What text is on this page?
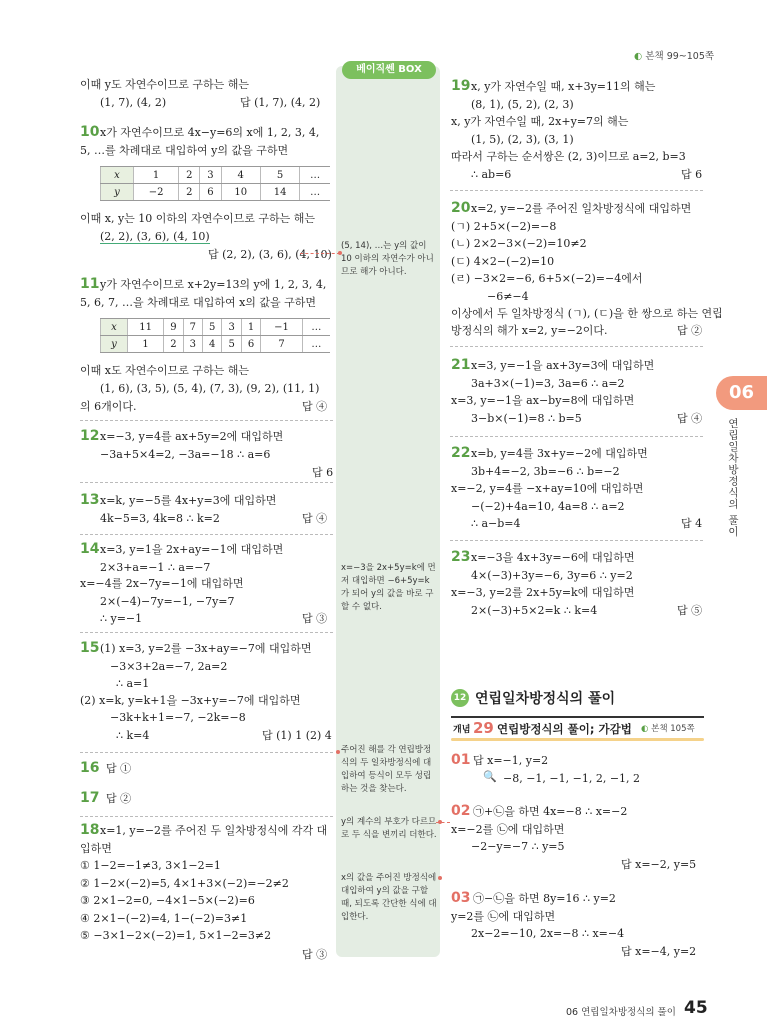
◐ 본책 99~105쪽
베이직쎈 BOX
이때 y도 자연수이므로 구하는 해는
(1, 7), (4, 2)	답 (1, 7), (4, 2)
10 x가 자연수이므로 4x−y=6의 x에 1, 2, 3, 4,
5, …를 차례대로 대입하여 y의 값을 구하면
x	1	2	3	4	5	…
y	−2	2	6	10	14	…
이때 x, y는 10 이하의 자연수이므로 구하는 해는
(2, 2), (3, 6), (4, 10)
답 (2, 2), (3, 6), (4, 10)
11 y가 자연수이므로 x+2y=13의 y에 1, 2, 3, 4,
5, 6, 7, …을 차례대로 대입하여 x의 값을 구하면
x	11	9	7	5	3	1	−1	…
y	1	2	3	4	5	6	7	…
이때 x도 자연수이므로 구하는 해는
(1, 6), (3, 5), (5, 4), (7, 3), (9, 2), (11, 1)
의 6개이다.	답 ④
12 x=−3, y=4를 ax+5y=2에 대입하면
−3a+5×4=2, −3a=−18 ∴ a=6
답 6
13 x=k, y=−5를 4x+y=3에 대입하면
4k−5=3, 4k=8 ∴ k=2	답 ④
14 x=3, y=1을 2x+ay=−1에 대입하면
2×3+a=−1 ∴ a=−7
x=−4를 2x−7y=−1에 대입하면
2×(−4)−7y=−1, −7y=7
∴ y=−1	답 ③
15 (1) x=3, y=2를 −3x+ay=−7에 대입하면
−3×3+2a=−7, 2a=2
∴ a=1
(2) x=k, y=k+1을 −3x+y=−7에 대입하면
−3k+k+1=−7, −2k=−8
∴ k=4	답 (1) 1 (2) 4
16 답 ①
17 답 ②
18 x=1, y=−2를 주어진 두 일차방정식에 각각 대
입하면
① 1−2=−1≠3, 3×1−2=1
② 1−2×(−2)=5, 4×1+3×(−2)=−2≠2
③ 2×1−2=0, −4×1−5×(−2)=6
④ 2×1−(−2)=4, 1−(−2)=3≠1
⑤ −3×1−2×(−2)=1, 5×1−2=3≠2
답 ③
(5, 14), …는 y의 값이 10 이하의 자연수가 아니므로 해가 아니다.
x=−3을 2x+5y=k에 먼저 대입하면 −6+5y=k가 되어 y의 값을 바로 구할 수 없다.
주어진 해를 각 연립방정식의 두 일차방정식에 대입하여 등식이 모두 성립하는 것을 찾는다.
y의 계수의 부호가 다르므로 두 식을 변끼리 더한다.
x의 값을 주어진 방정식에 대입하여 y의 값을 구할 때, 되도록 간단한 식에 대입한다.
19 x, y가 자연수일 때, x+3y=11의 해는
(8, 1), (5, 2), (2, 3)
x, y가 자연수일 때, 2x+y=7의 해는
(1, 5), (2, 3), (3, 1)
따라서 구하는 순서쌍은 (2, 3)이므로 a=2, b=3
∴ ab=6	답 6
20 x=2, y=−2를 주어진 일차방정식에 대입하면
(ㄱ) 2+5×(−2)=−8
(ㄴ) 2×2−3×(−2)=10≠2
(ㄷ) 4×2−(−2)=10
(ㄹ) −3×2=−6, 6+5×(−2)=−4에서
−6≠−4
이상에서 두 일차방정식 (ㄱ), (ㄷ)을 한 쌍으로 하는 연립
방정식의 해가 x=2, y=−2이다.	답 ②
21 x=3, y=−1을 ax+3y=3에 대입하면
3a+3×(−1)=3, 3a=6 ∴ a=2
x=3, y=−1을 ax−by=8에 대입하면
3−b×(−1)=8 ∴ b=5	답 ④
22 x=b, y=4를 3x+y=−2에 대입하면
3b+4=−2, 3b=−6 ∴ b=−2
x=−2, y=4를 −x+ay=10에 대입하면
−(−2)+4a=10, 4a=8 ∴ a=2
∴ a−b=4	답 4
23 x=−3을 4x+3y=−6에 대입하면
4×(−3)+3y=−6, 3y=6 ∴ y=2
x=−3, y=2를 2x+5y=k에 대입하면
2×(−3)+5×2=k ∴ k=4	답 ⑤
12 연립일차방정식의 풀이
개념 29 연립방정식의 풀이; 가감법 ◐ 본책 105쪽
01 답 x=−1, y=2
🔍 −8, −1, −1, −1, 2, −1, 2
02 ㉠+㉡을 하면 4x=−8 ∴ x=−2
x=−2를 ㉡에 대입하면
−2−y=−7 ∴ y=5
답 x=−2, y=5
03 ㉠−㉡을 하면 8y=16 ∴ y=2
y=2를 ㉡에 대입하면
2x−2=−10, 2x=−8 ∴ x=−4
답 x=−4, y=2
06
연립일차방정식의 풀이
06 연립일차방정식의 풀이 45
